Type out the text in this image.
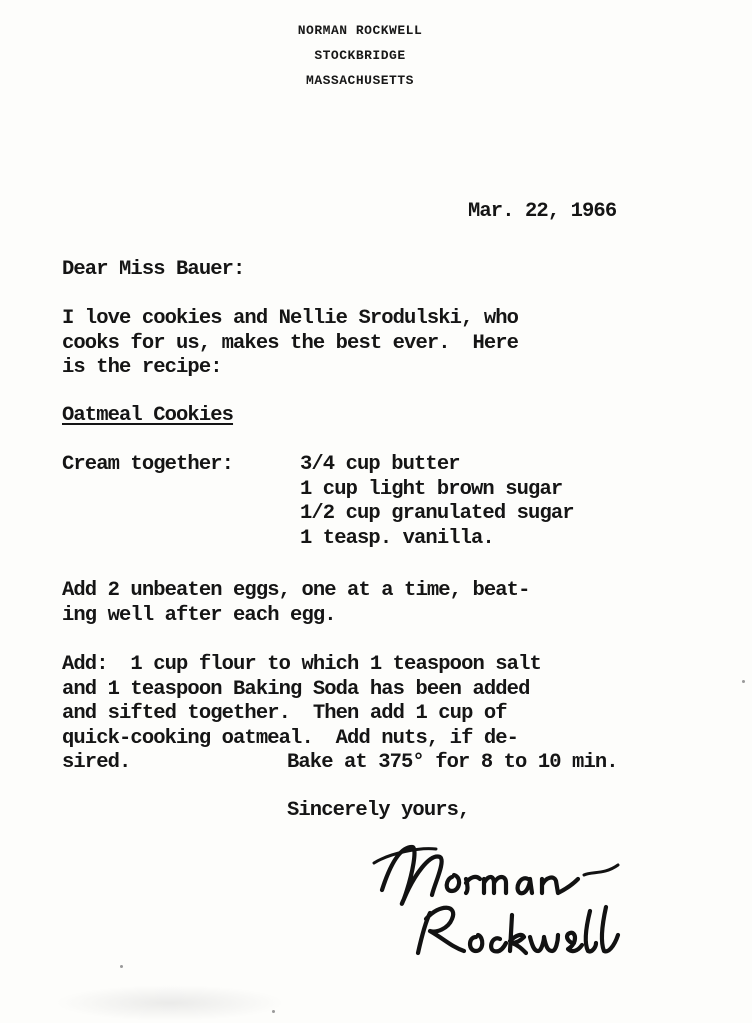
NORMAN ROCKWELL
STOCKBRIDGE
MASSACHUSETTS
Mar. 22, 1966
Dear Miss Bauer:
I love cookies and Nellie Srodulski, who
cooks for us, makes the best ever.  Here
is the recipe:
Oatmeal Cookies
Cream together:	3/4 cup butter
1 cup light brown sugar
1/2 cup granulated sugar
1 teasp. vanilla.
Add 2 unbeaten eggs, one at a time, beat-
ing well after each egg.
Add:  1 cup flour to which 1 teaspoon salt
and 1 teaspoon Baking Soda has been added
and sifted together.  Then add 1 cup of
quick-cooking oatmeal.  Add nuts, if de-
sired.	Bake at 375° for 8 to 10 min.
Sincerely yours,
